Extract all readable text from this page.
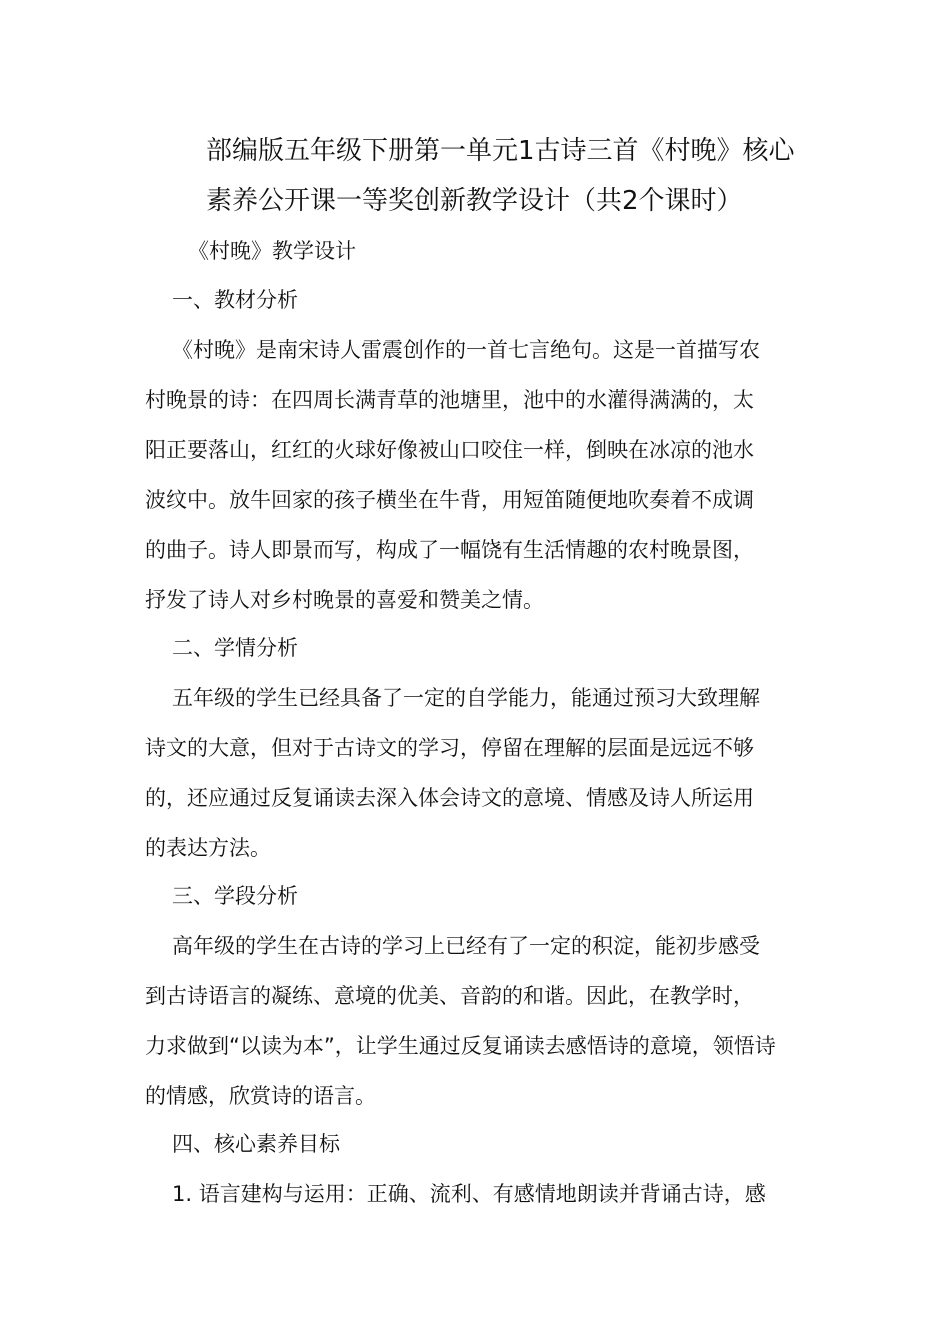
部编版五年级下册第一单元1古诗三首《村晚》核心
素养公开课一等奖创新教学设计（共2个课时）
《村晚》教学设计
一、教材分析
《村晚》是南宋诗人雷震创作的一首七言绝句。这是一首描写农
村晚景的诗：在四周长满青草的池塘里，池中的水灌得满满的，太
阳正要落山，红红的火球好像被山口咬住一样，倒映在冰凉的池水
波纹中。放牛回家的孩子横坐在牛背，用短笛随便地吹奏着不成调
的曲子。诗人即景而写，构成了一幅饶有生活情趣的农村晚景图，
抒发了诗人对乡村晚景的喜爱和赞美之情。
二、学情分析
五年级的学生已经具备了一定的自学能力，能通过预习大致理解
诗文的大意，但对于古诗文的学习，停留在理解的层面是远远不够
的，还应通过反复诵读去深入体会诗文的意境、情感及诗人所运用
的表达方法。
三、学段分析
高年级的学生在古诗的学习上已经有了一定的积淀，能初步感受
到古诗语言的凝练、意境的优美、音韵的和谐。因此，在教学时，
力求做到“以读为本”，让学生通过反复诵读去感悟诗的意境，领悟诗
的情感，欣赏诗的语言。
四、核心素养目标
1. 语言建构与运用：正确、流利、有感情地朗读并背诵古诗，感
